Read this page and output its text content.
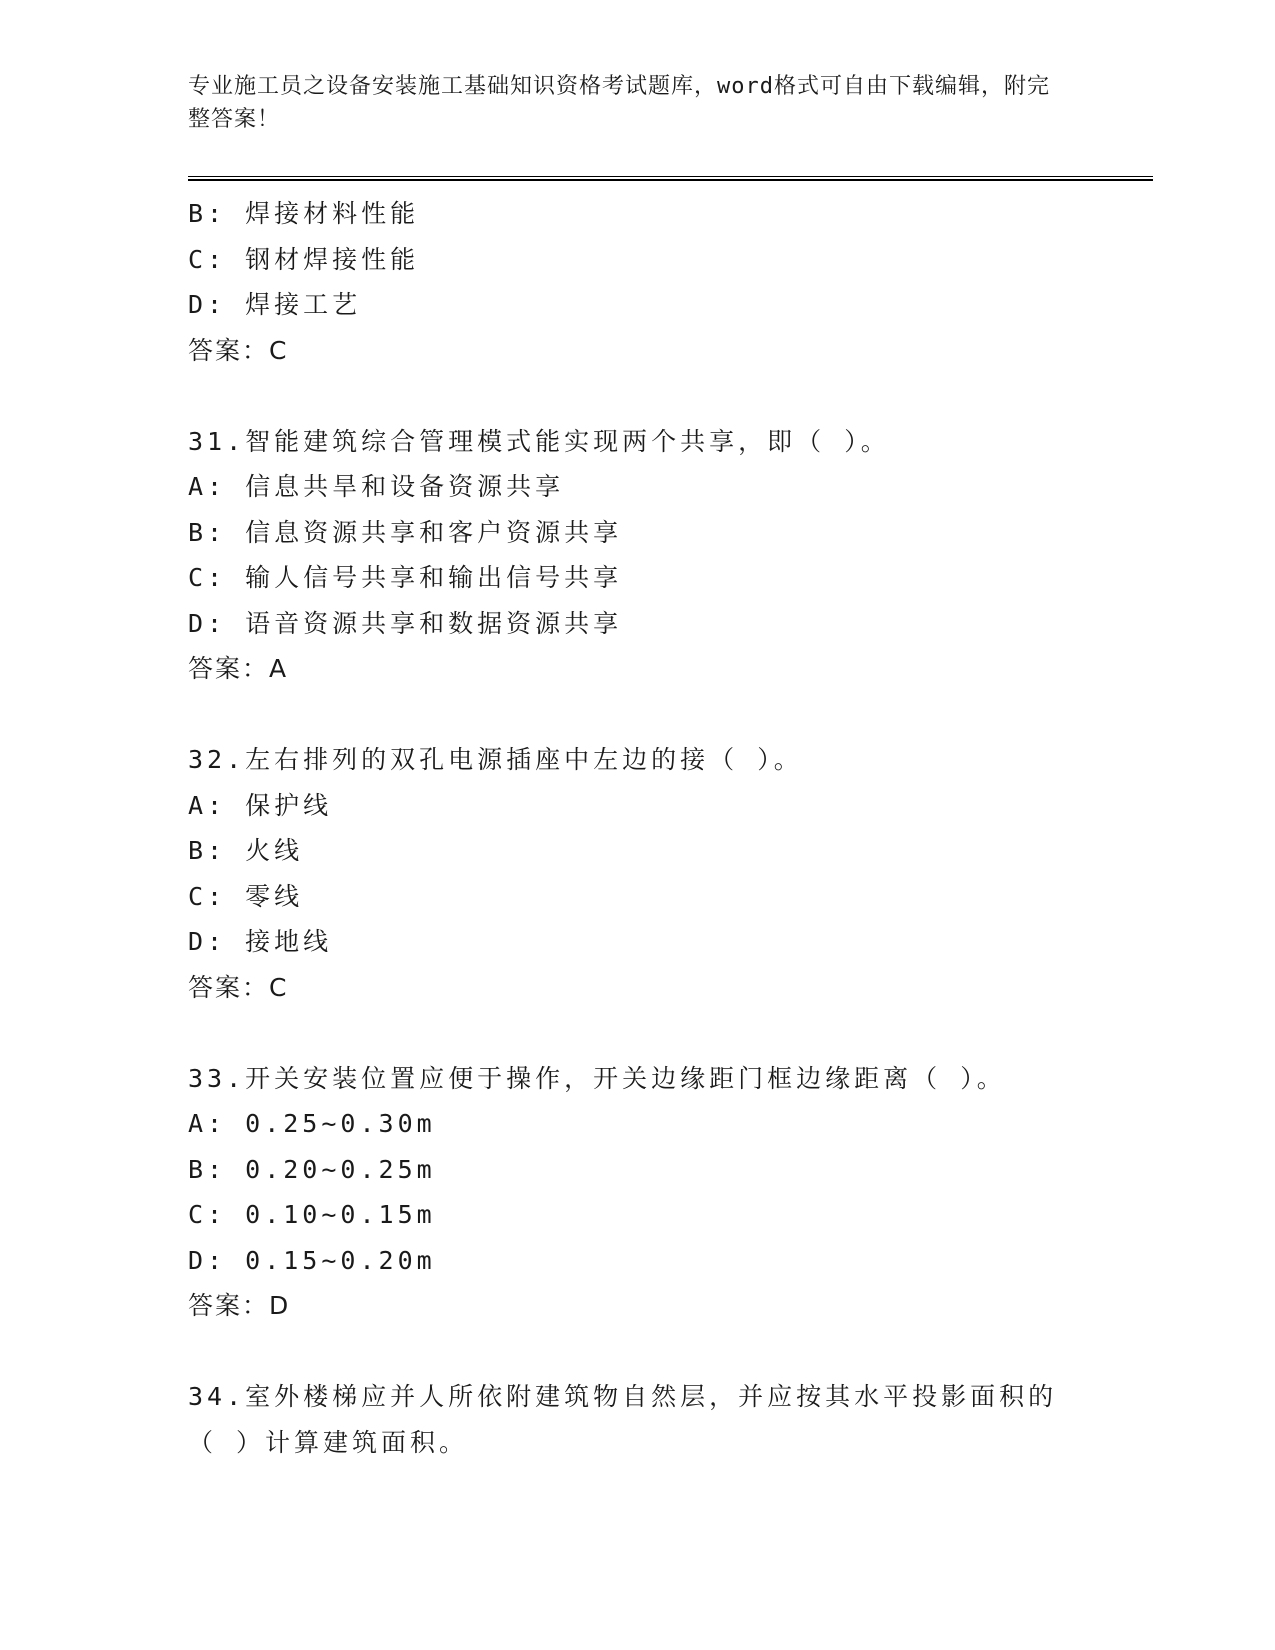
专业施工员之设备安装施工基础知识资格考试题库，word格式可自由下载编辑，附完整答案！
B: 焊接材料性能
C: 钢材焊接性能
D: 焊接工艺
答案：C
31.智能建筑综合管理模式能实现两个共享，即（ ）。
A: 信息共旱和设备资源共享
B: 信息资源共享和客户资源共享
C: 输人信号共享和输出信号共享
D: 语音资源共享和数据资源共享
答案：A
32.左右排列的双孔电源插座中左边的接（ ）。
A: 保护线
B: 火线
C: 零线
D: 接地线
答案：C
33.开关安装位置应便于操作，开关边缘距门框边缘距离（ ）。
A: 0.25~0.30m
B: 0.20~0.25m
C: 0.10~0.15m
D: 0.15~0.20m
答案：D
34.室外楼梯应并人所依附建筑物自然层，并应按其水平投影面积的（ ）计算建筑面积。
